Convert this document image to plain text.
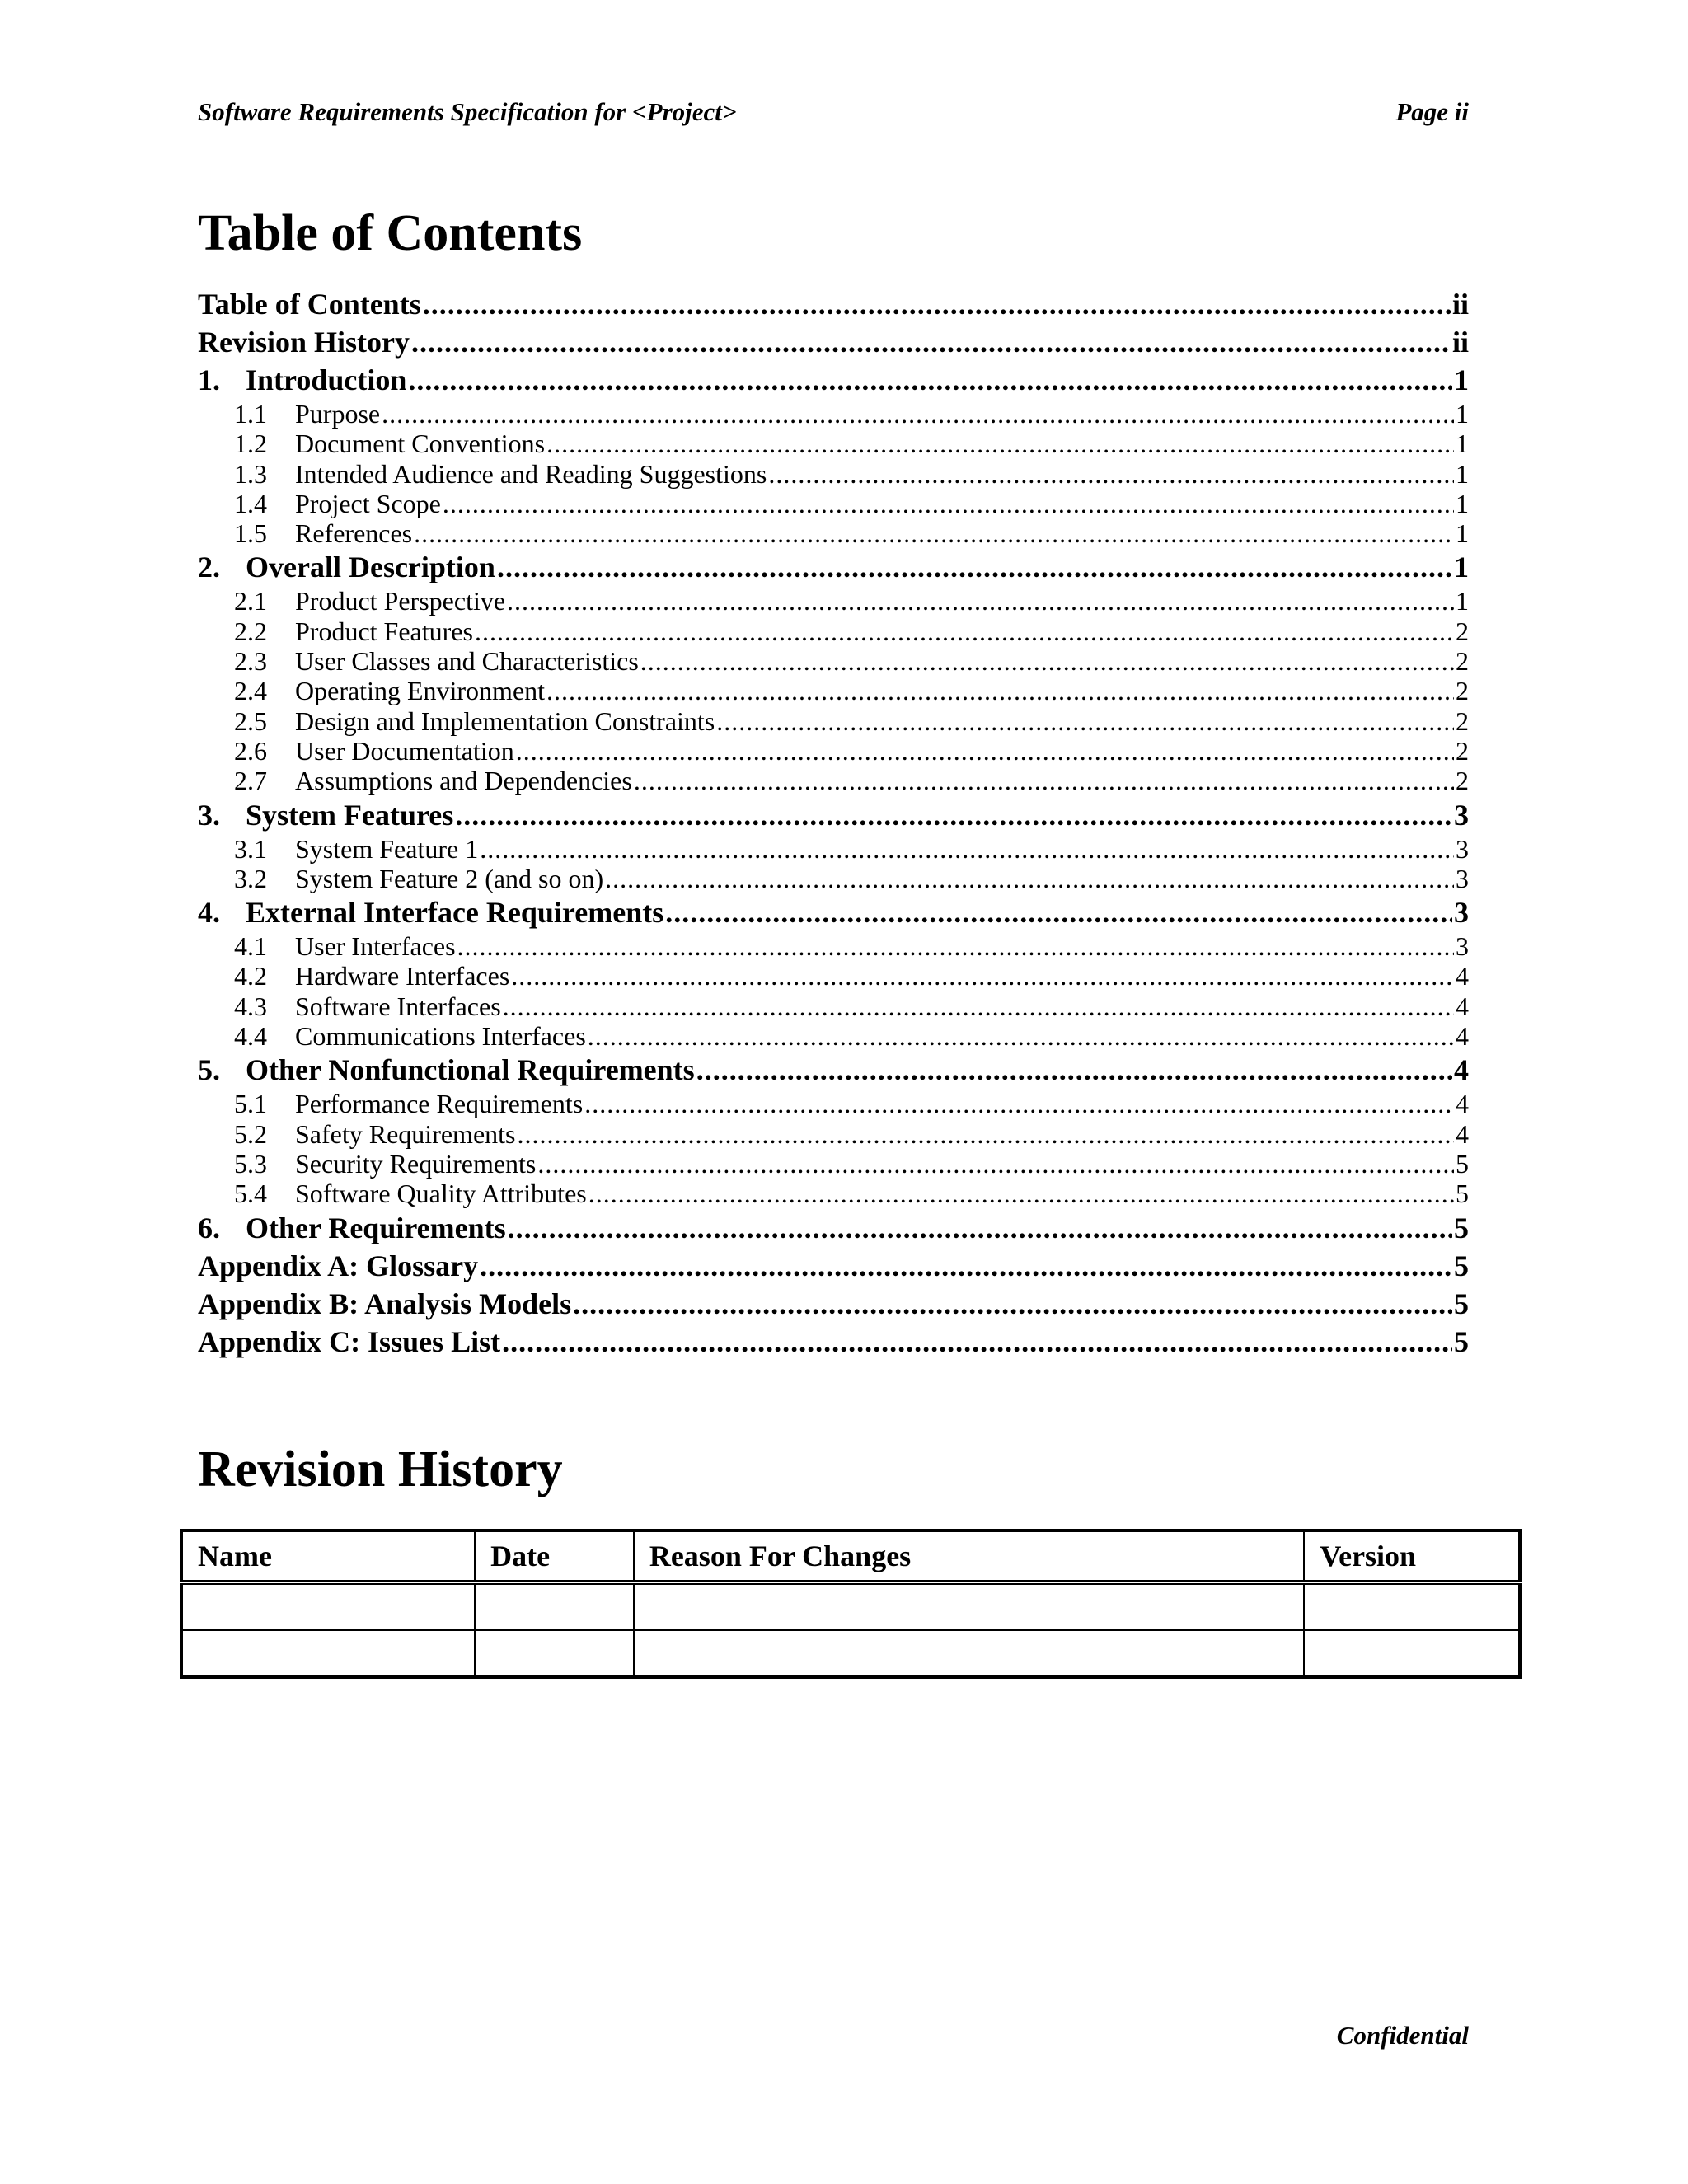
Software Requirements Specification for <Project>	Page ii
Table of Contents
Table of Contents .....	ii
Revision History .....	ii
1. Introduction .....	1
1.1	Purpose .....	1
1.2	Document Conventions .....	1
1.3	Intended Audience and Reading Suggestions .....	1
1.4	Project Scope .....	1
1.5	References .....	1
2. Overall Description .....	1
2.1	Product Perspective .....	1
2.2	Product Features .....	2
2.3	User Classes and Characteristics .....	2
2.4	Operating Environment .....	2
2.5	Design and Implementation Constraints .....	2
2.6	User Documentation .....	2
2.7	Assumptions and Dependencies .....	2
3. System Features .....	3
3.1	System Feature 1 .....	3
3.2	System Feature 2 (and so on) .....	3
4. External Interface Requirements .....	3
4.1	User Interfaces .....	3
4.2	Hardware Interfaces .....	4
4.3	Software Interfaces .....	4
4.4	Communications Interfaces .....	4
5. Other Nonfunctional Requirements .....	4
5.1	Performance Requirements .....	4
5.2	Safety Requirements .....	4
5.3	Security Requirements .....	5
5.4	Software Quality Attributes .....	5
6. Other Requirements .....	5
Appendix A: Glossary .....	5
Appendix B: Analysis Models .....	5
Appendix C: Issues List .....	5
Revision History
Name	Date	Reason For Changes	Version

Confidential
